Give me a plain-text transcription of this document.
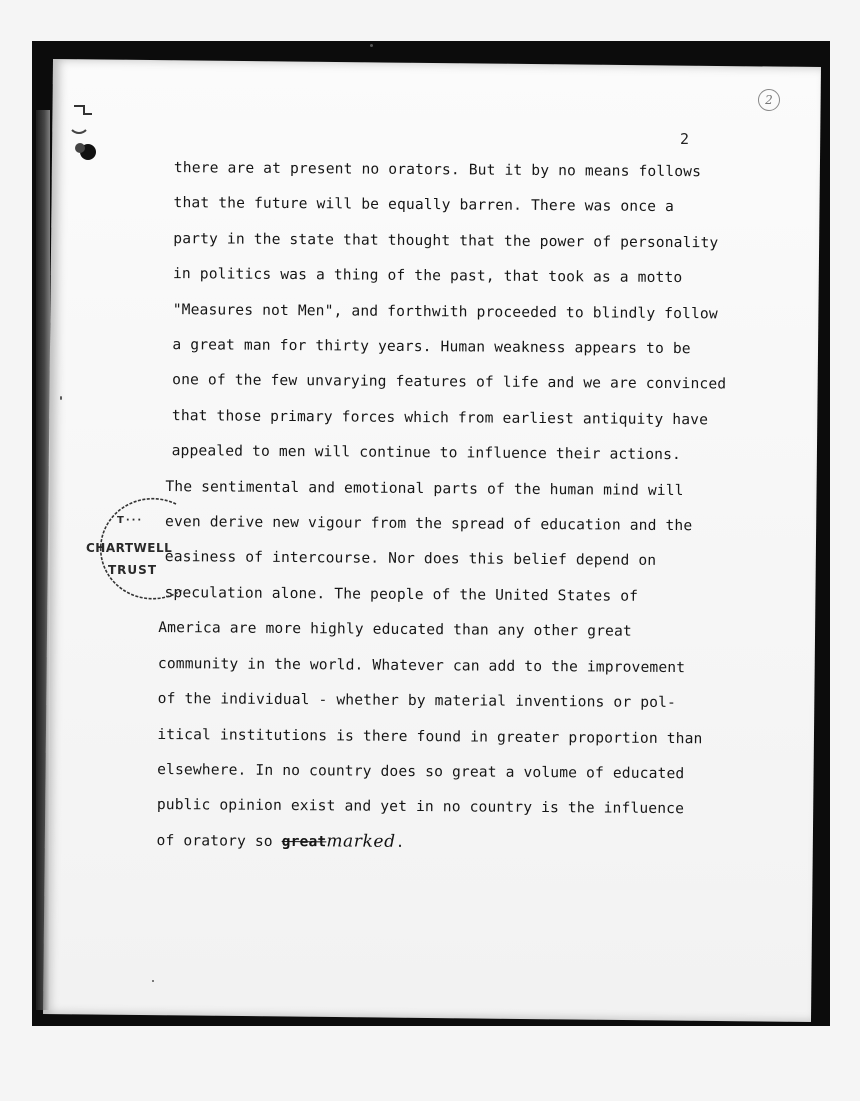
2
2
there are at present no orators. But it by no means follows
that the future will be equally barren. There was once a
party in the state that thought that the power of personality
in politics was a thing of the past, that took as a motto
"Measures not Men", and forthwith proceeded to blindly follow
a great man for thirty years. Human weakness appears to be
one of the few unvarying features of life and we are convinced
that those primary forces which from earliest antiquity have
appealed to men will continue to influence their actions.
The sentimental and emotional parts of the human mind will
even derive new vigour from the spread of education and the
easiness of intercourse. Nor does this belief depend on
speculation alone. The people of the United States of
America are more highly educated than any other great
community in the world. Whatever can add to the improvement
of the individual - whether by material inventions or pol-
itical institutions is there found in greater proportion than
elsewhere. In no country does so great a volume of educated
public opinion exist and yet in no country is the influence
of oratory so greatmarked.
T···
CHARTWELL
TRUST
